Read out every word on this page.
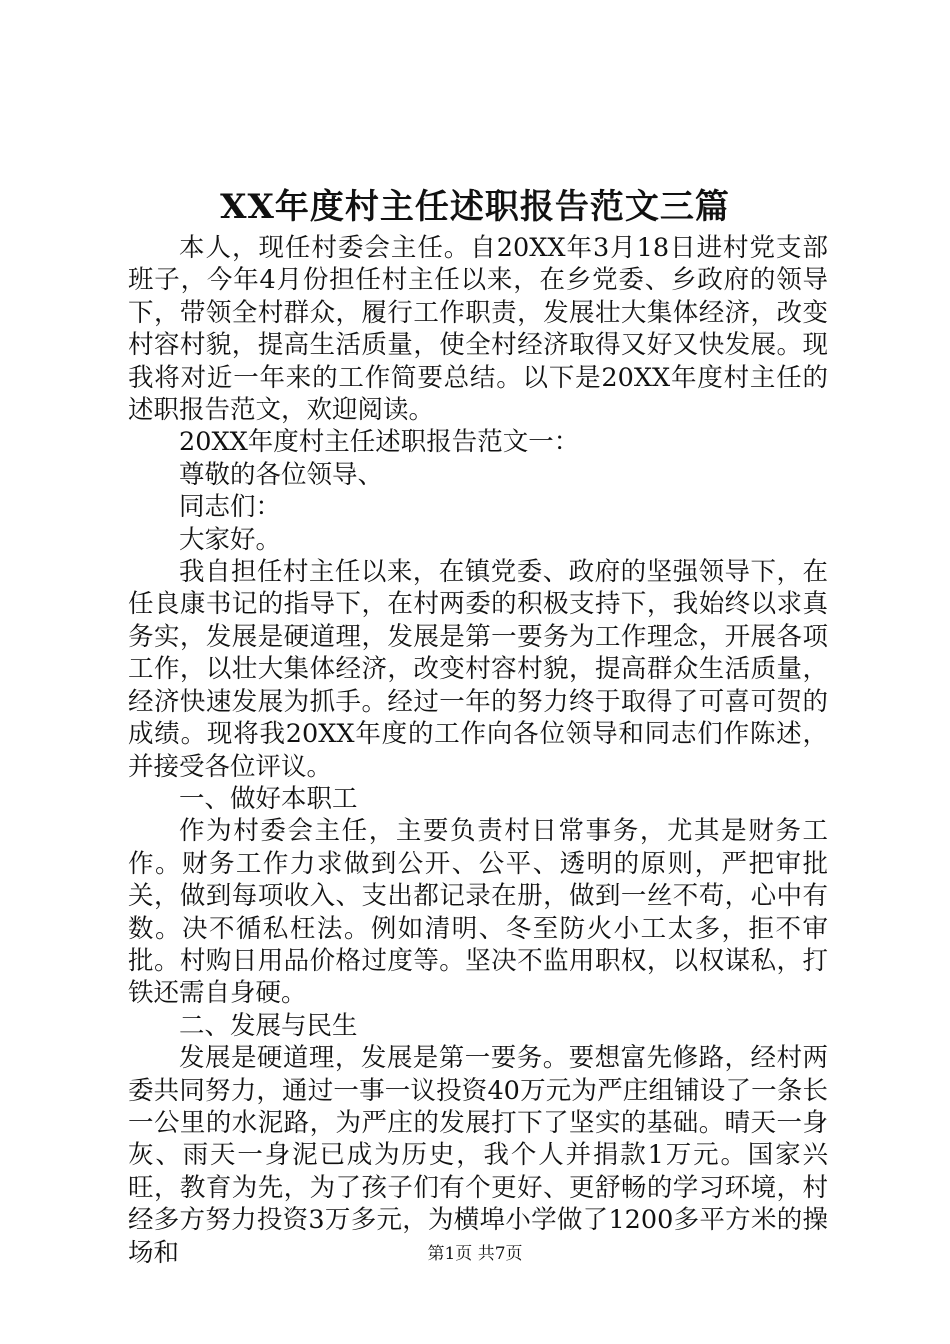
XX年度村主任述职报告范文三篇

本人，现任村委会主任。自20XX年3月18日进村党支部班子，今年4月份担任村主任以来，在乡党委、乡政府的领导下，带领全村群众，履行工作职责，发展壮大集体经济，改变村容村貌，提高生活质量，使全村经济取得又好又快发展。现我将对近一年来的工作简要总结。以下是20XX年度村主任的述职报告范文，欢迎阅读。

20XX年度村主任述职报告范文一：

尊敬的各位领导、

同志们：

大家好。

我自担任村主任以来，在镇党委、政府的坚强领导下，在任良康书记的指导下，在村两委的积极支持下，我始终以求真务实，发展是硬道理，发展是第一要务为工作理念，开展各项工作，以壮大集体经济，改变村容村貌，提高群众生活质量，经济快速发展为抓手。经过一年的努力终于取得了可喜可贺的成绩。现将我20XX年度的工作向各位领导和同志们作陈述，并接受各位评议。

一、做好本职工

作为村委会主任，主要负责村日常事务，尤其是财务工作。财务工作力求做到公开、公平、透明的原则，严把审批关，做到每项收入、支出都记录在册，做到一丝不苟，心中有数。决不循私枉法。例如清明、冬至防火小工太多，拒不审批。村购日用品价格过度等。坚决不监用职权，以权谋私，打铁还需自身硬。

二、发展与民生

发展是硬道理，发展是第一要务。要想富先修路，经村两委共同努力，通过一事一议投资40万元为严庄组铺设了一条长一公里的水泥路，为严庄的发展打下了坚实的基础。晴天一身灰、雨天一身泥已成为历史，我个人并捐款1万元。国家兴旺，教育为先，为了孩子们有个更好、更舒畅的学习环境，村经多方努力投资3万多元，为横埠小学做了1200多平方米的操场和	第1页 共7页
